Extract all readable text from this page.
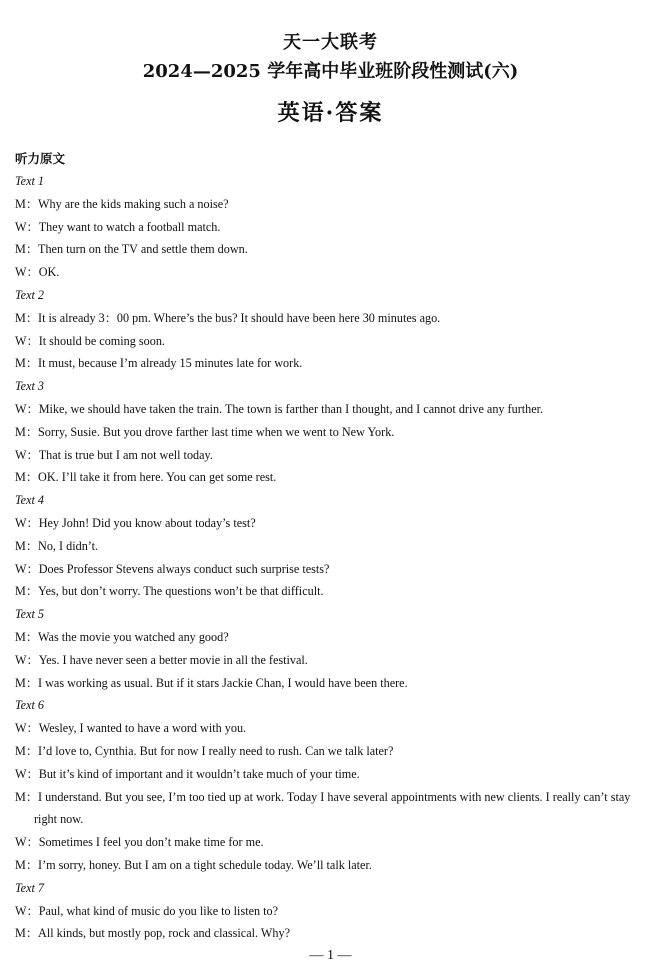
天一大联考
2024—2025 学年高中毕业班阶段性测试(六)
英语·答案
听力原文
Text 1
M：Why are the kids making such a noise?
W：They want to watch a football match.
M：Then turn on the TV and settle them down.
W：OK.
Text 2
M：It is already 3：00 pm. Where’s the bus? It should have been here 30 minutes ago.
W：It should be coming soon.
M：It must, because I’m already 15 minutes late for work.
Text 3
W：Mike, we should have taken the train. The town is farther than I thought, and I cannot drive any further.
M：Sorry, Susie. But you drove farther last time when we went to New York.
W：That is true but I am not well today.
M：OK. I’ll take it from here. You can get some rest.
Text 4
W：Hey John! Did you know about today’s test?
M：No, I didn’t.
W：Does Professor Stevens always conduct such surprise tests?
M：Yes, but don’t worry. The questions won’t be that difficult.
Text 5
M：Was the movie you watched any good?
W：Yes. I have never seen a better movie in all the festival.
M：I was working as usual. But if it stars Jackie Chan, I would have been there.
Text 6
W：Wesley, I wanted to have a word with you.
M：I’d love to, Cynthia. But for now I really need to rush. Can we talk later?
W：But it’s kind of important and it wouldn’t take much of your time.
M：I understand. But you see, I’m too tied up at work. Today I have several appointments with new clients. I really can’t stay right now.
W：Sometimes I feel you don’t make time for me.
M：I’m sorry, honey. But I am on a tight schedule today. We’ll talk later.
Text 7
W：Paul, what kind of music do you like to listen to?
M：All kinds, but mostly pop, rock and classical. Why?
— 1 —
